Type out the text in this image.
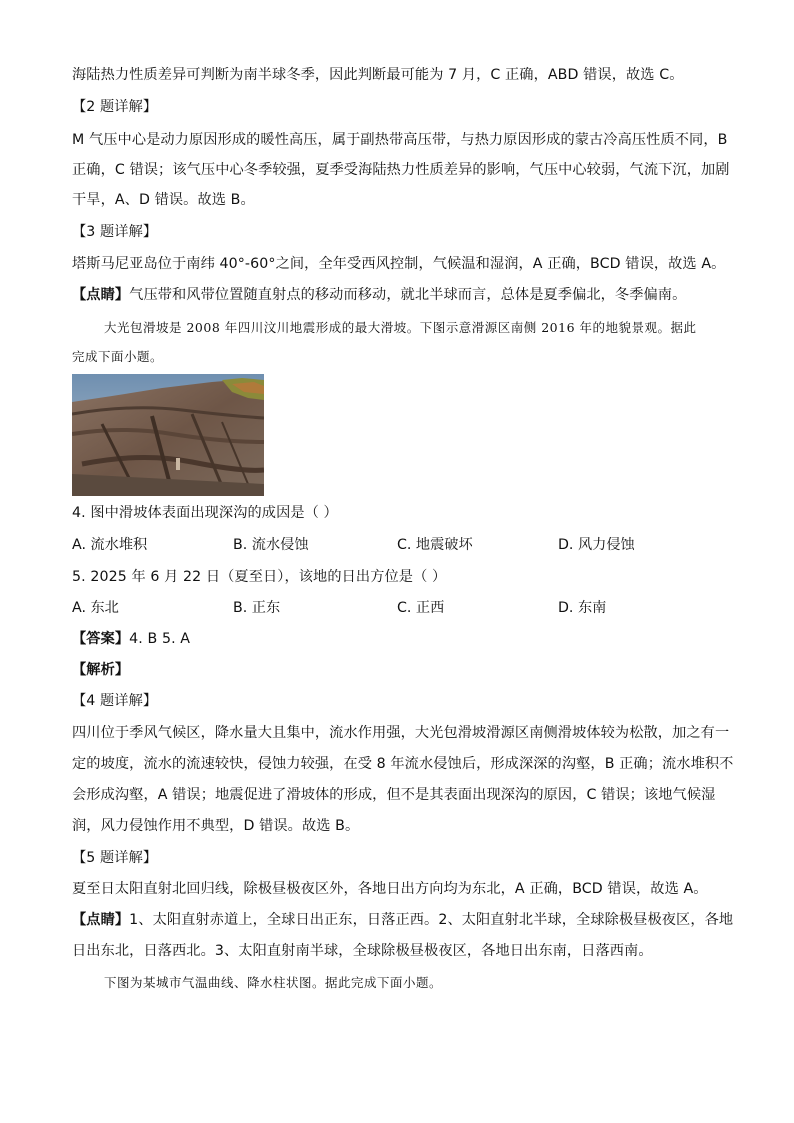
海陆热力性质差异可判断为南半球冬季，因此判断最可能为 7 月，C 正确，ABD 错误，故选 C。
【2 题详解】
M 气压中心是动力原因形成的暖性高压，属于副热带高压带，与热力原因形成的蒙古冷高压性质不同，B
正确，C 错误；该气压中心冬季较强，夏季受海陆热力性质差异的影响，气压中心较弱，气流下沉，加剧
干旱，A、D 错误。故选 B。
【3 题详解】
塔斯马尼亚岛位于南纬 40°-60°之间，全年受西风控制，气候温和湿润，A 正确，BCD 错误，故选 A。
【点睛】气压带和风带位置随直射点的移动而移动，就北半球而言，总体是夏季偏北，冬季偏南。
大光包滑坡是 2008 年四川汶川地震形成的最大滑坡。下图示意滑源区南侧 2016 年的地貌景观。据此
完成下面小题。
4. 图中滑坡体表面出现深沟的成因是（ ）
A. 流水堆积	B. 流水侵蚀	C. 地震破坏	D. 风力侵蚀
5. 2025 年 6 月 22 日（夏至日），该地的日出方位是（ ）
A. 东北	B. 正东	C. 正西	D. 东南
【答案】4. B 5. A
【解析】
【4 题详解】
四川位于季风气候区，降水量大且集中，流水作用强，大光包滑坡滑源区南侧滑坡体较为松散，加之有一
定的坡度，流水的流速较快，侵蚀力较强，在受 8 年流水侵蚀后，形成深深的沟壑，B 正确；流水堆积不
会形成沟壑，A 错误；地震促进了滑坡体的形成，但不是其表面出现深沟的原因，C 错误；该地气候湿
润，风力侵蚀作用不典型，D 错误。故选 B。
【5 题详解】
夏至日太阳直射北回归线，除极昼极夜区外，各地日出方向均为东北，A 正确，BCD 错误，故选 A。
【点睛】1、太阳直射赤道上，全球日出正东，日落正西。2、太阳直射北半球，全球除极昼极夜区，各地
日出东北，日落西北。3、太阳直射南半球，全球除极昼极夜区，各地日出东南，日落西南。
下图为某城市气温曲线、降水柱状图。据此完成下面小题。
